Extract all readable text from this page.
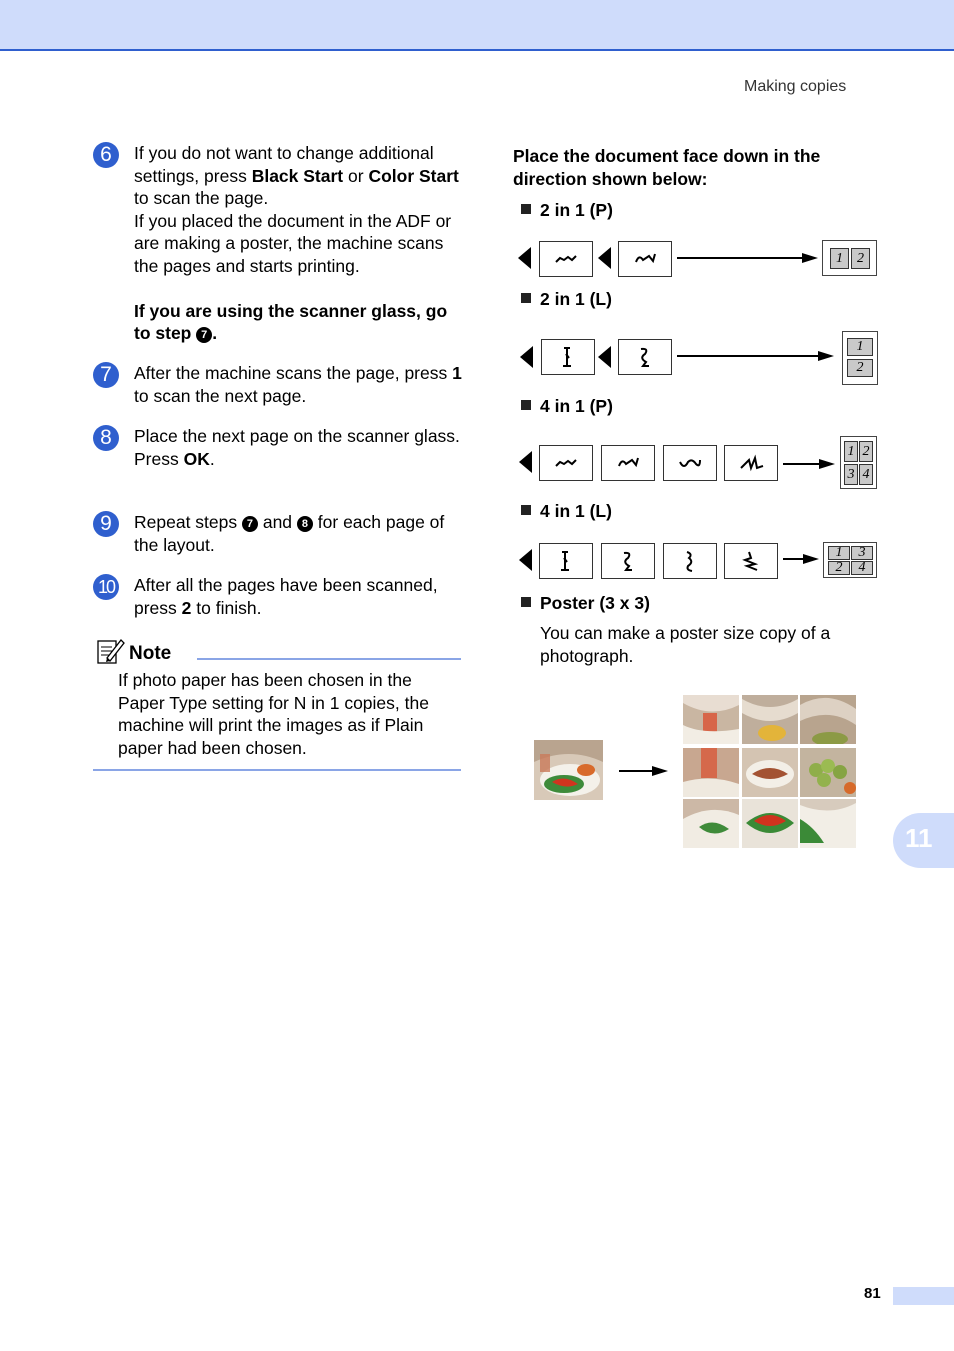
Making copies
6	If you do not want to change additional settings, press Black Start or Color Start to scan the page.

If you placed the document in the ADF or are making a poster, the machine scans the pages and starts printing.

If you are using the scanner glass, go to step 7 .

7	After the machine scans the page, press 1 to scan the next page.

8	Place the next page on the scanner glass.

Press OK.

9	Repeat steps 7 and 8 for each page of the layout.

10 After all the pages have been scanned, press 2 to finish.

Note
If photo paper has been chosen in the Paper Type setting for N in 1 copies, the machine will print the images as if Plain paper had been chosen.
Place the document face down in the direction shown below:
2 in 1 (P)
2 in 1 (L)
4 in 1 (P)
4 in 1 (L)
Poster (3 x 3)
1	2
1
2
1 2
3 4
1	3
2	4
You can make a poster size copy of a photograph.
11
81
